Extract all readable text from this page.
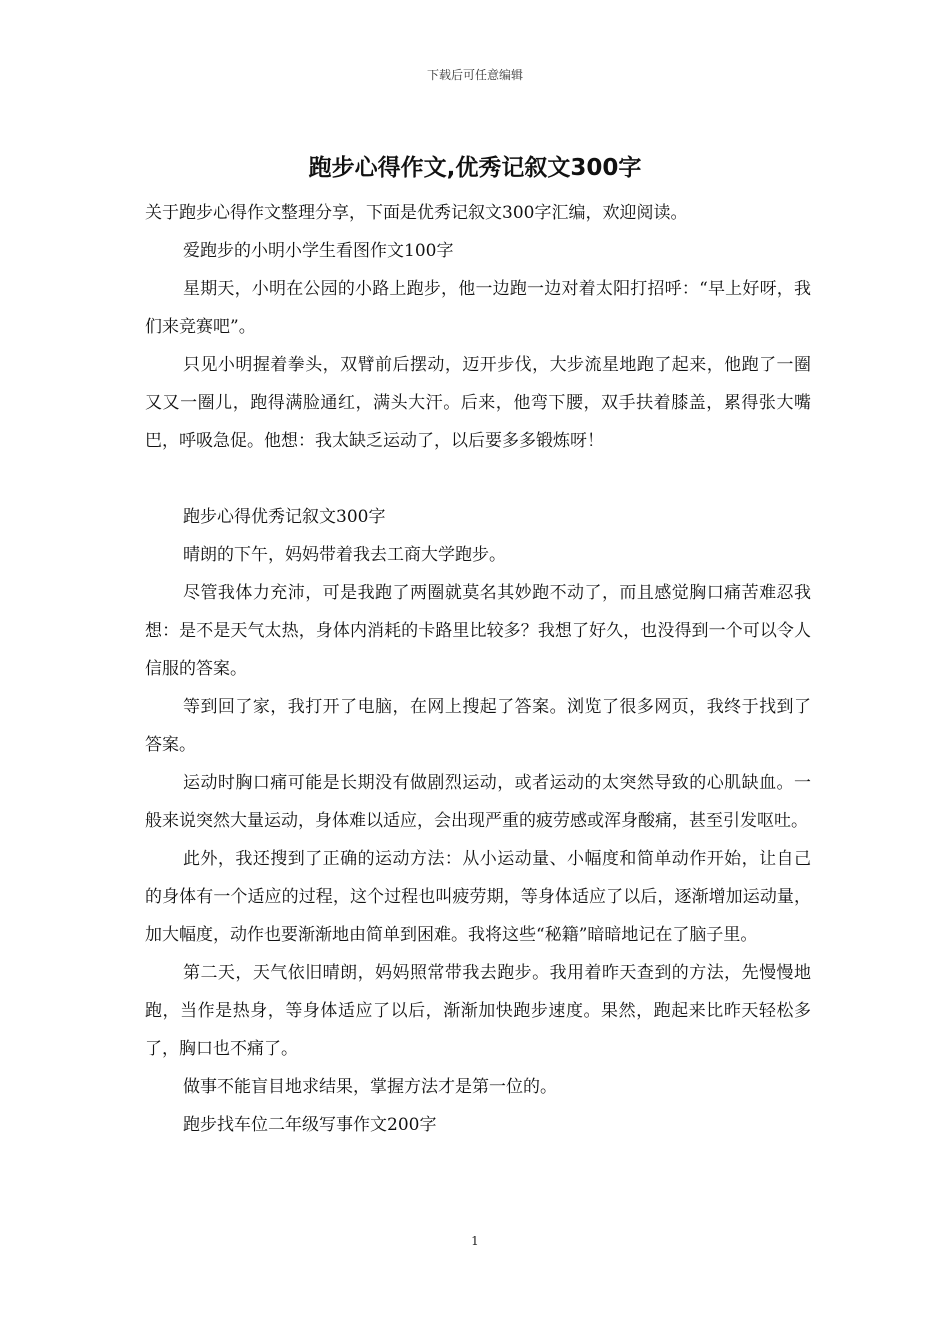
下载后可任意编辑
跑步心得作文,优秀记叙文300字

关于跑步心得作文整理分享，下面是优秀记叙文300字汇编，欢迎阅读。

爱跑步的小明小学生看图作文100字

星期天，小明在公园的小路上跑步，他一边跑一边对着太阳打招呼：“早上好呀，我们来竞赛吧”。

只见小明握着拳头，双臂前后摆动，迈开步伐，大步流星地跑了起来，他跑了一圈又又一圈儿，跑得满脸通红，满头大汗。后来，他弯下腰，双手扶着膝盖，累得张大嘴巴，呼吸急促。他想：我太缺乏运动了，以后要多多锻炼呀！

跑步心得优秀记叙文300字

晴朗的下午，妈妈带着我去工商大学跑步。

尽管我体力充沛，可是我跑了两圈就莫名其妙跑不动了，而且感觉胸口痛苦难忍我想：是不是天气太热，身体内消耗的卡路里比较多？我想了好久，也没得到一个可以令人信服的答案。

等到回了家，我打开了电脑，在网上搜起了答案。浏览了很多网页，我终于找到了答案。

运动时胸口痛可能是长期没有做剧烈运动，或者运动的太突然导致的心肌缺血。一般来说突然大量运动，身体难以适应，会出现严重的疲劳感或浑身酸痛，甚至引发呕吐。

此外，我还搜到了正确的运动方法：从小运动量、小幅度和简单动作开始，让自己的身体有一个适应的过程，这个过程也叫疲劳期，等身体适应了以后，逐渐增加运动量，加大幅度，动作也要渐渐地由简单到困难。我将这些“秘籍”暗暗地记在了脑子里。

第二天，天气依旧晴朗，妈妈照常带我去跑步。我用着昨天查到的方法，先慢慢地跑，当作是热身，等身体适应了以后，渐渐加快跑步速度。果然，跑起来比昨天轻松多了，胸口也不痛了。

做事不能盲目地求结果，掌握方法才是第一位的。

跑步找车位二年级写事作文200字

1
